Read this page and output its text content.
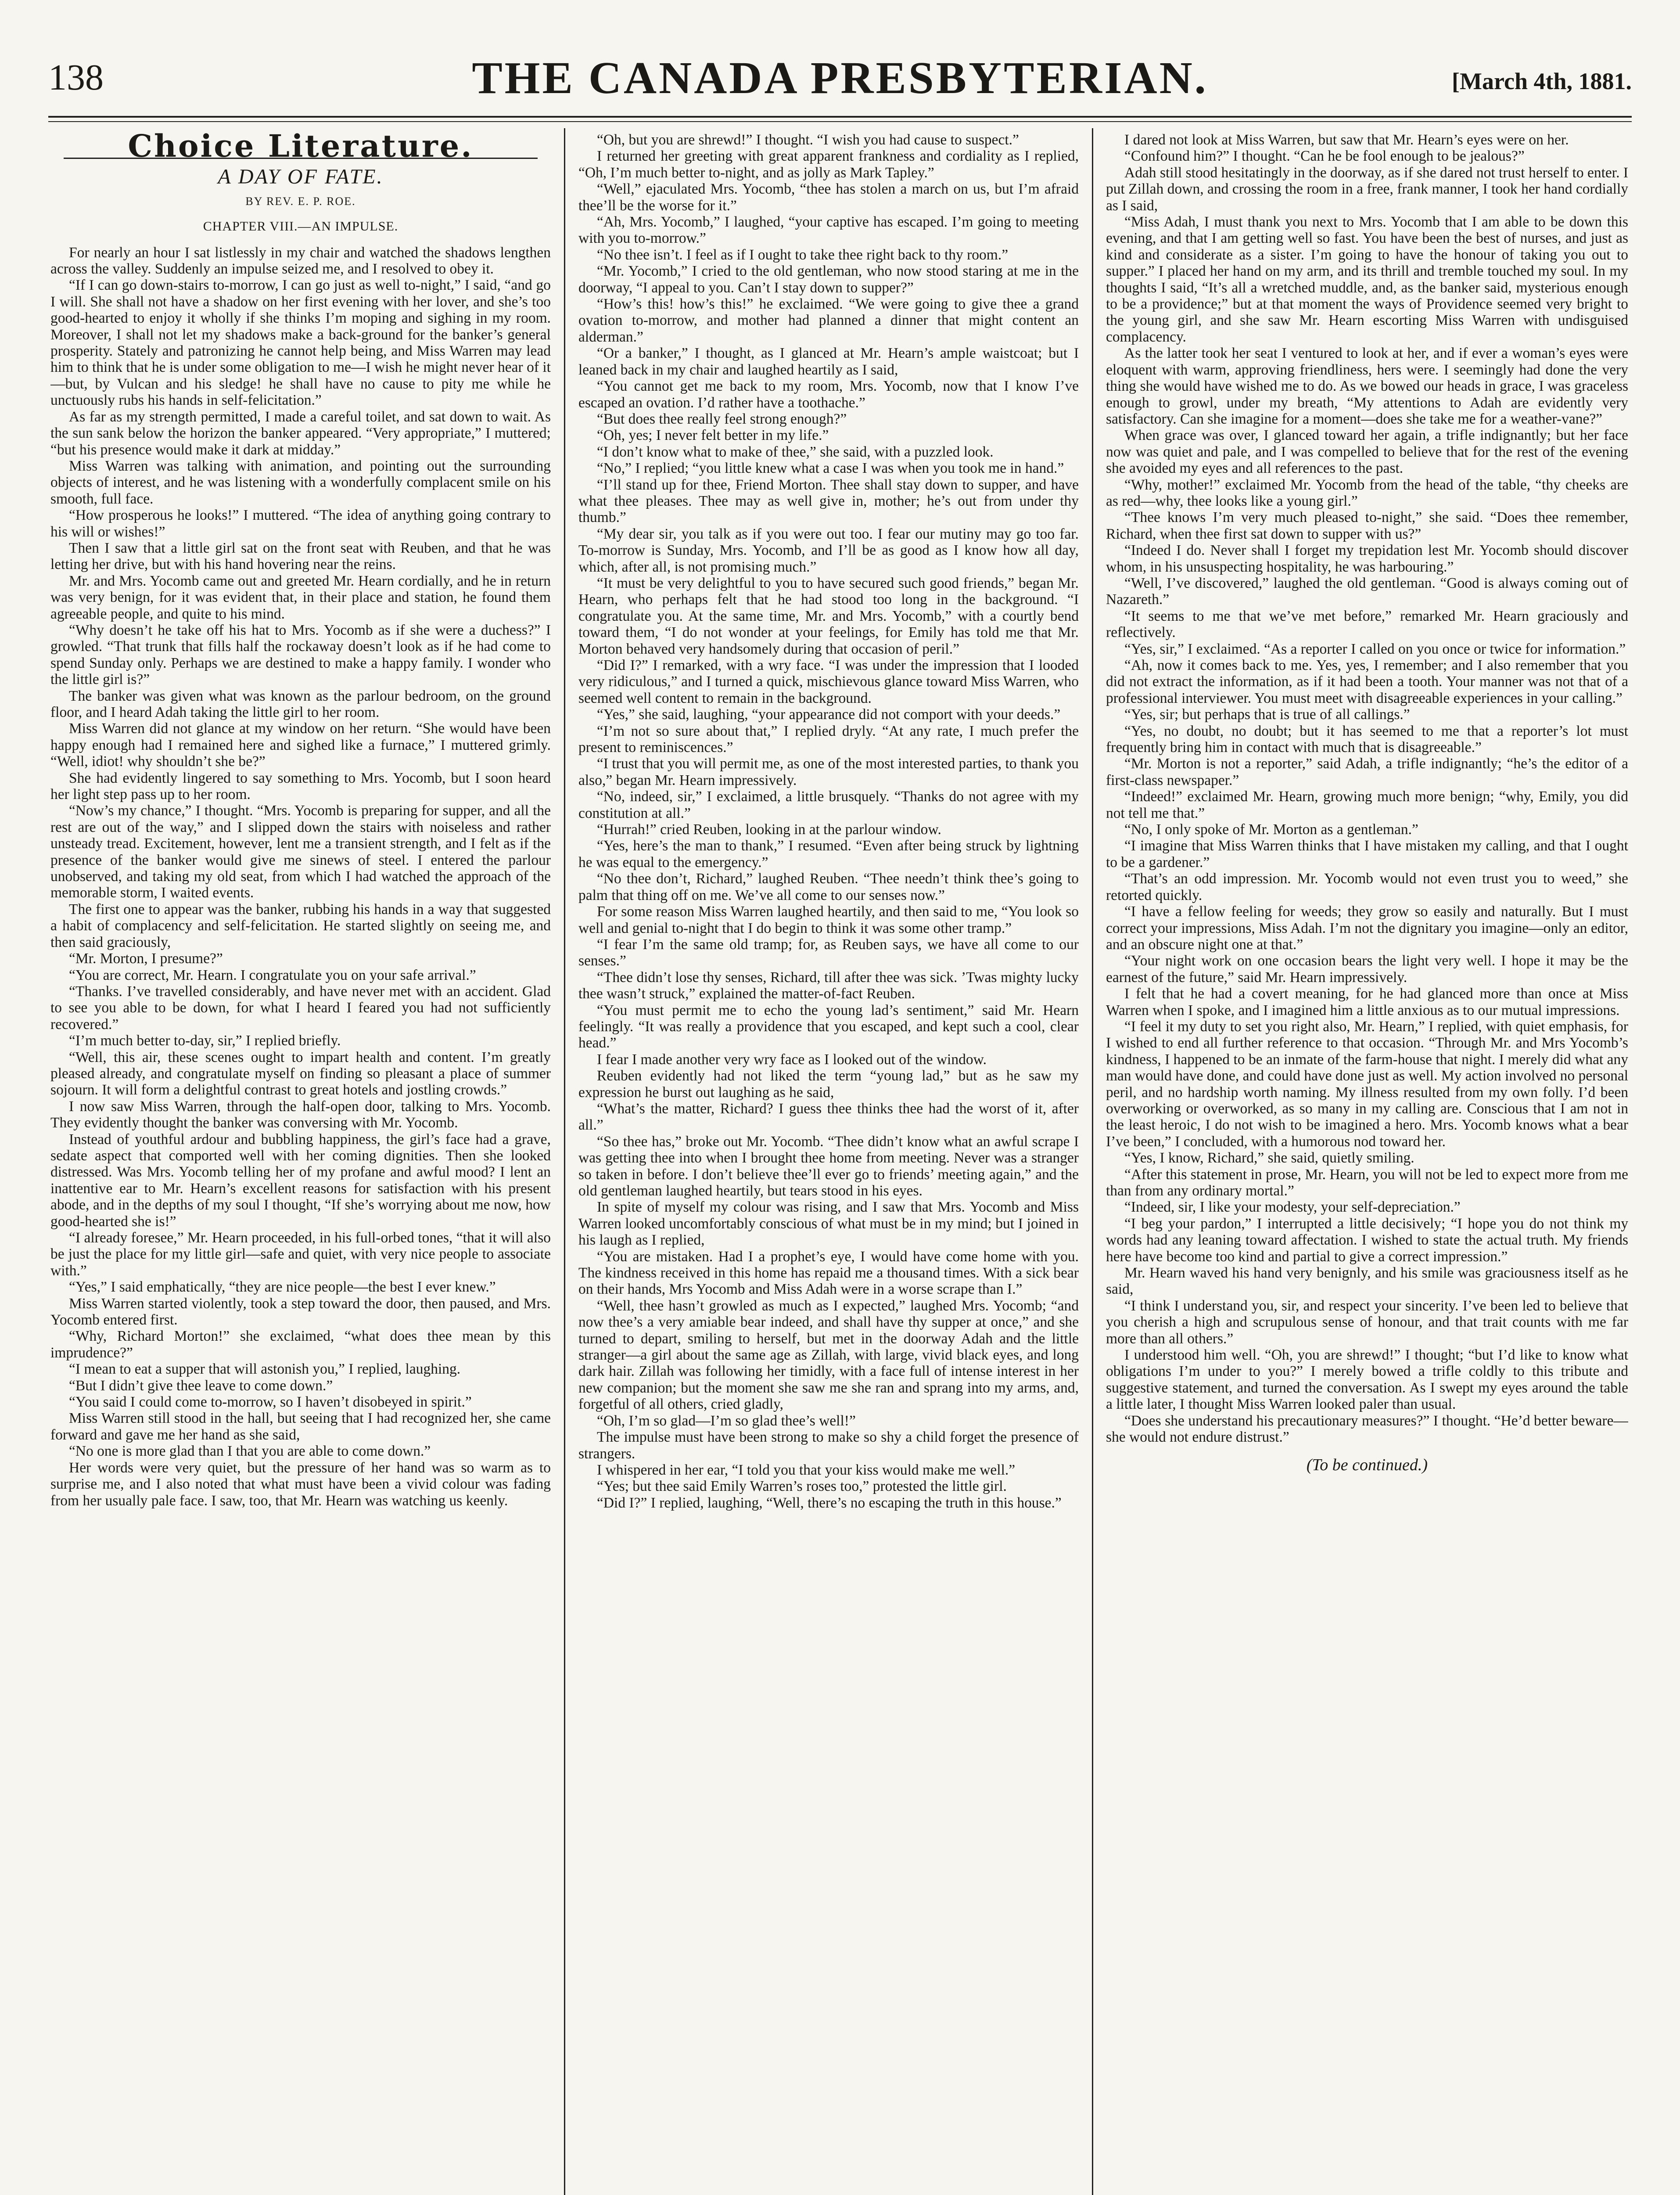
138	THE CANADA PRESBYTERIAN.	[March 4th, 1881.
Choice Literature.
A DAY OF FATE.
BY REV. E. P. ROE.
CHAPTER VIII.—AN IMPULSE.

For nearly an hour I sat listlessly in my chair and watched the shadows lengthen across the valley. Suddenly an impulse seized me, and I resolved to obey it.

“If I can go down-stairs to-morrow, I can go just as well to-night,” I said, “and go I will. She shall not have a shadow on her first evening with her lover, and she’s too good-hearted to enjoy it wholly if she thinks I’m moping and sighing in my room. Moreover, I shall not let my shadows make a back-ground for the banker’s general prosperity. Stately and patronizing he cannot help being, and Miss Warren may lead him to think that he is under some obligation to me—I wish he might never hear of it—but, by Vulcan and his sledge! he shall have no cause to pity me while he unctuously rubs his hands in self-felicitation.”

As far as my strength permitted, I made a careful toilet, and sat down to wait. As the sun sank below the horizon the banker appeared. “Very appropriate,” I muttered; “but his presence would make it dark at midday.”

Miss Warren was talking with animation, and pointing out the surrounding objects of interest, and he was listening with a wonderfully complacent smile on his smooth, full face.

“How prosperous he looks!” I muttered. “The idea of anything going contrary to his will or wishes!”

Then I saw that a little girl sat on the front seat with Reuben, and that he was letting her drive, but with his hand hovering near the reins.

Mr. and Mrs. Yocomb came out and greeted Mr. Hearn cordially, and he in return was very benign, for it was evident that, in their place and station, he found them agreeable people, and quite to his mind.

“Why doesn’t he take off his hat to Mrs. Yocomb as if she were a duchess?” I growled. “That trunk that fills half the rockaway doesn’t look as if he had come to spend Sunday only. Perhaps we are destined to make a happy family. I wonder who the little girl is?”

The banker was given what was known as the parlour bedroom, on the ground floor, and I heard Adah taking the little girl to her room.

Miss Warren did not glance at my window on her return. “She would have been happy enough had I remained here and sighed like a furnace,” I muttered grimly. “Well, idiot! why shouldn’t she be?”

She had evidently lingered to say something to Mrs. Yocomb, but I soon heard her light step pass up to her room.

“Now’s my chance,” I thought. “Mrs. Yocomb is preparing for supper, and all the rest are out of the way,” and I slipped down the stairs with noiseless and rather unsteady tread. Excitement, however, lent me a transient strength, and I felt as if the presence of the banker would give me sinews of steel. I entered the parlour unobserved, and taking my old seat, from which I had watched the approach of the memorable storm, I waited events.

The first one to appear was the banker, rubbing his hands in a way that suggested a habit of complacency and self-felicitation. He started slightly on seeing me, and then said graciously,

“Mr. Morton, I presume?”

“You are correct, Mr. Hearn. I congratulate you on your safe arrival.”

“Thanks. I’ve travelled considerably, and have never met with an accident. Glad to see you able to be down, for what I heard I feared you had not sufficiently recovered.”

“I’m much better to-day, sir,” I replied briefly.

“Well, this air, these scenes ought to impart health and content. I’m greatly pleased already, and congratulate myself on finding so pleasant a place of summer sojourn. It will form a delightful contrast to great hotels and jostling crowds.”

I now saw Miss Warren, through the half-open door, talking to Mrs. Yocomb. They evidently thought the banker was conversing with Mr. Yocomb.

Instead of youthful ardour and bubbling happiness, the girl’s face had a grave, sedate aspect that comported well with her coming dignities. Then she looked distressed. Was Mrs. Yocomb telling her of my profane and awful mood? I lent an inattentive ear to Mr. Hearn’s excellent reasons for satisfaction with his present abode, and in the depths of my soul I thought, “If she’s worrying about me now, how good-hearted she is!”

“I already foresee,” Mr. Hearn proceeded, in his full-orbed tones, “that it will also be just the place for my little girl—safe and quiet, with very nice people to associate with.”

“Yes,” I said emphatically, “they are nice people—the best I ever knew.”

Miss Warren started violently, took a step toward the door, then paused, and Mrs. Yocomb entered first.

“Why, Richard Morton!” she exclaimed, “what does thee mean by this imprudence?”

“I mean to eat a supper that will astonish you,” I replied, laughing.

“But I didn’t give thee leave to come down.”

“You said I could come to-morrow, so I haven’t disobeyed in spirit.”

Miss Warren still stood in the hall, but seeing that I had recognized her, she came forward and gave me her hand as she said,

“No one is more glad than I that you are able to come down.”

Her words were very quiet, but the pressure of her hand was so warm as to surprise me, and I also noted that what must have been a vivid colour was fading from her usually pale face. I saw, too, that Mr. Hearn was watching us keenly.

“Oh, but you are shrewd!” I thought. “I wish you had cause to suspect.”

I returned her greeting with great apparent frankness and cordiality as I replied, “Oh, I’m much better to-night, and as jolly as Mark Tapley.”

“Well,” ejaculated Mrs. Yocomb, “thee has stolen a march on us, but I’m afraid thee’ll be the worse for it.”

“Ah, Mrs. Yocomb,” I laughed, “your captive has escaped. I’m going to meeting with you to-morrow.”

“No thee isn’t. I feel as if I ought to take thee right back to thy room.”

“Mr. Yocomb,” I cried to the old gentleman, who now stood staring at me in the doorway, “I appeal to you. Can’t I stay down to supper?”

“How’s this! how’s this!” he exclaimed. “We were going to give thee a grand ovation to-morrow, and mother had planned a dinner that might content an alderman.”

“Or a banker,” I thought, as I glanced at Mr. Hearn’s ample waistcoat; but I leaned back in my chair and laughed heartily as I said,

“You cannot get me back to my room, Mrs. Yocomb, now that I know I’ve escaped an ovation. I’d rather have a toothache.”

“But does thee really feel strong enough?”

“Oh, yes; I never felt better in my life.”

“I don’t know what to make of thee,” she said, with a puzzled look.

“No,” I replied; “you little knew what a case I was when you took me in hand.”

“I’ll stand up for thee, Friend Morton. Thee shall stay down to supper, and have what thee pleases. Thee may as well give in, mother; he’s out from under thy thumb.”

“My dear sir, you talk as if you were out too. I fear our mutiny may go too far. To-morrow is Sunday, Mrs. Yocomb, and I’ll be as good as I know how all day, which, after all, is not promising much.”

“It must be very delightful to you to have secured such good friends,” began Mr. Hearn, who perhaps felt that he had stood too long in the background. “I congratulate you. At the same time, Mr. and Mrs. Yocomb,” with a courtly bend toward them, “I do not wonder at your feelings, for Emily has told me that Mr. Morton behaved very handsomely during that occasion of peril.”

“Did I?” I remarked, with a wry face. “I was under the impression that I looded very ridiculous,” and I turned a quick, mischievous glance toward Miss Warren, who seemed well content to remain in the background.

“Yes,” she said, laughing, “your appearance did not comport with your deeds.”

“I’m not so sure about that,” I replied dryly. “At any rate, I much prefer the present to reminiscences.”

“I trust that you will permit me, as one of the most interested parties, to thank you also,” began Mr. Hearn impressively.

“No, indeed, sir,” I exclaimed, a little brusquely. “Thanks do not agree with my constitution at all.”

“Hurrah!” cried Reuben, looking in at the parlour window.

“Yes, here’s the man to thank,” I resumed. “Even after being struck by lightning he was equal to the emergency.”

“No thee don’t, Richard,” laughed Reuben. “Thee needn’t think thee’s going to palm that thing off on me. We’ve all come to our senses now.”

For some reason Miss Warren laughed heartily, and then said to me, “You look so well and genial to-night that I do begin to think it was some other tramp.”

“I fear I’m the same old tramp; for, as Reuben says, we have all come to our senses.”

“Thee didn’t lose thy senses, Richard, till after thee was sick. ’Twas mighty lucky thee wasn’t struck,” explained the matter-of-fact Reuben.

“You must permit me to echo the young lad’s sentiment,” said Mr. Hearn feelingly. “It was really a providence that you escaped, and kept such a cool, clear head.”

I fear I made another very wry face as I looked out of the window.

Reuben evidently had not liked the term “young lad,” but as he saw my expression he burst out laughing as he said,

“What’s the matter, Richard? I guess thee thinks thee had the worst of it, after all.”

“So thee has,” broke out Mr. Yocomb. “Thee didn’t know what an awful scrape I was getting thee into when I brought thee home from meeting. Never was a stranger so taken in before. I don’t believe thee’ll ever go to friends’ meeting again,” and the old gentleman laughed heartily, but tears stood in his eyes.

In spite of myself my colour was rising, and I saw that Mrs. Yocomb and Miss Warren looked uncomfortably conscious of what must be in my mind; but I joined in his laugh as I replied,

“You are mistaken. Had I a prophet’s eye, I would have come home with you. The kindness received in this home has repaid me a thousand times. With a sick bear on their hands, Mrs Yocomb and Miss Adah were in a worse scrape than I.”

“Well, thee hasn’t growled as much as I expected,” laughed Mrs. Yocomb; “and now thee’s a very amiable bear indeed, and shall have thy supper at once,” and she turned to depart, smiling to herself, but met in the doorway Adah and the little stranger—a girl about the same age as Zillah, with large, vivid black eyes, and long dark hair. Zillah was following her timidly, with a face full of intense interest in her new companion; but the moment she saw me she ran and sprang into my arms, and, forgetful of all others, cried gladly,

“Oh, I’m so glad—I’m so glad thee’s well!”

The impulse must have been strong to make so shy a child forget the presence of strangers.

I whispered in her ear, “I told you that your kiss would make me well.”

“Yes; but thee said Emily Warren’s roses too,” protested the little girl.

“Did I?” I replied, laughing, “Well, there’s no escaping the truth in this house.”

I dared not look at Miss Warren, but saw that Mr. Hearn’s eyes were on her.

“Confound him?” I thought. “Can he be fool enough to be jealous?”

Adah still stood hesitatingly in the doorway, as if she dared not trust herself to enter. I put Zillah down, and crossing the room in a free, frank manner, I took her hand cordially as I said,

“Miss Adah, I must thank you next to Mrs. Yocomb that I am able to be down this evening, and that I am getting well so fast. You have been the best of nurses, and just as kind and considerate as a sister. I’m going to have the honour of taking you out to supper.” I placed her hand on my arm, and its thrill and tremble touched my soul. In my thoughts I said, “It’s all a wretched muddle, and, as the banker said, mysterious enough to be a providence;” but at that moment the ways of Providence seemed very bright to the young girl, and she saw Mr. Hearn escorting Miss Warren with undisguised complacency.

As the latter took her seat I ventured to look at her, and if ever a woman’s eyes were eloquent with warm, approving friendliness, hers were. I seemingly had done the very thing she would have wished me to do. As we bowed our heads in grace, I was graceless enough to growl, under my breath, “My attentions to Adah are evidently very satisfactory. Can she imagine for a moment—does she take me for a weather-vane?”

When grace was over, I glanced toward her again, a trifle indignantly; but her face now was quiet and pale, and I was compelled to believe that for the rest of the evening she avoided my eyes and all references to the past.

“Why, mother!” exclaimed Mr. Yocomb from the head of the table, “thy cheeks are as red—why, thee looks like a young girl.”

“Thee knows I’m very much pleased to-night,” she said. “Does thee remember, Richard, when thee first sat down to supper with us?”

“Indeed I do. Never shall I forget my trepidation lest Mr. Yocomb should discover whom, in his unsuspecting hospitality, he was harbouring.”

“Well, I’ve discovered,” laughed the old gentleman. “Good is always coming out of Nazareth.”

“It seems to me that we’ve met before,” remarked Mr. Hearn graciously and reflectively.

“Yes, sir,” I exclaimed. “As a reporter I called on you once or twice for information.”

“Ah, now it comes back to me. Yes, yes, I remember; and I also remember that you did not extract the information, as if it had been a tooth. Your manner was not that of a professional interviewer. You must meet with disagreeable experiences in your calling.”

“Yes, sir; but perhaps that is true of all callings.”

“Yes, no doubt, no doubt; but it has seemed to me that a reporter’s lot must frequently bring him in contact with much that is disagreeable.”

“Mr. Morton is not a reporter,” said Adah, a trifle indignantly; “he’s the editor of a first-class newspaper.”

“Indeed!” exclaimed Mr. Hearn, growing much more benign; “why, Emily, you did not tell me that.”

“No, I only spoke of Mr. Morton as a gentleman.”

“I imagine that Miss Warren thinks that I have mistaken my calling, and that I ought to be a gardener.”

“That’s an odd impression. Mr. Yocomb would not even trust you to weed,” she retorted quickly.

“I have a fellow feeling for weeds; they grow so easily and naturally. But I must correct your impressions, Miss Adah. I’m not the dignitary you imagine—only an editor, and an obscure night one at that.”

“Your night work on one occasion bears the light very well. I hope it may be the earnest of the future,” said Mr. Hearn impressively.

I felt that he had a covert meaning, for he had glanced more than once at Miss Warren when I spoke, and I imagined him a little anxious as to our mutual impressions.

“I feel it my duty to set you right also, Mr. Hearn,” I replied, with quiet emphasis, for I wished to end all further reference to that occasion. “Through Mr. and Mrs Yocomb’s kindness, I happened to be an inmate of the farm-house that night. I merely did what any man would have done, and could have done just as well. My action involved no personal peril, and no hardship worth naming. My illness resulted from my own folly. I’d been overworking or overworked, as so many in my calling are. Conscious that I am not in the least heroic, I do not wish to be imagined a hero. Mrs. Yocomb knows what a bear I’ve been,” I concluded, with a humorous nod toward her.

“Yes, I know, Richard,” she said, quietly smiling.

“After this statement in prose, Mr. Hearn, you will not be led to expect more from me than from any ordinary mortal.”

“Indeed, sir, I like your modesty, your self-depreciation.”

“I beg your pardon,” I interrupted a little decisively; “I hope you do not think my words had any leaning toward affectation. I wished to state the actual truth. My friends here have become too kind and partial to give a correct impression.”

Mr. Hearn waved his hand very benignly, and his smile was graciousness itself as he said,

“I think I understand you, sir, and respect your sincerity. I’ve been led to believe that you cherish a high and scrupulous sense of honour, and that trait counts with me far more than all others.”

I understood him well. “Oh, you are shrewd!” I thought; “but I’d like to know what obligations I’m under to you?” I merely bowed a trifle coldly to this tribute and suggestive statement, and turned the conversation. As I swept my eyes around the table a little later, I thought Miss Warren looked paler than usual.

“Does she understand his precautionary measures?” I thought. “He’d better beware—she would not endure distrust.”

(To be continued.)
